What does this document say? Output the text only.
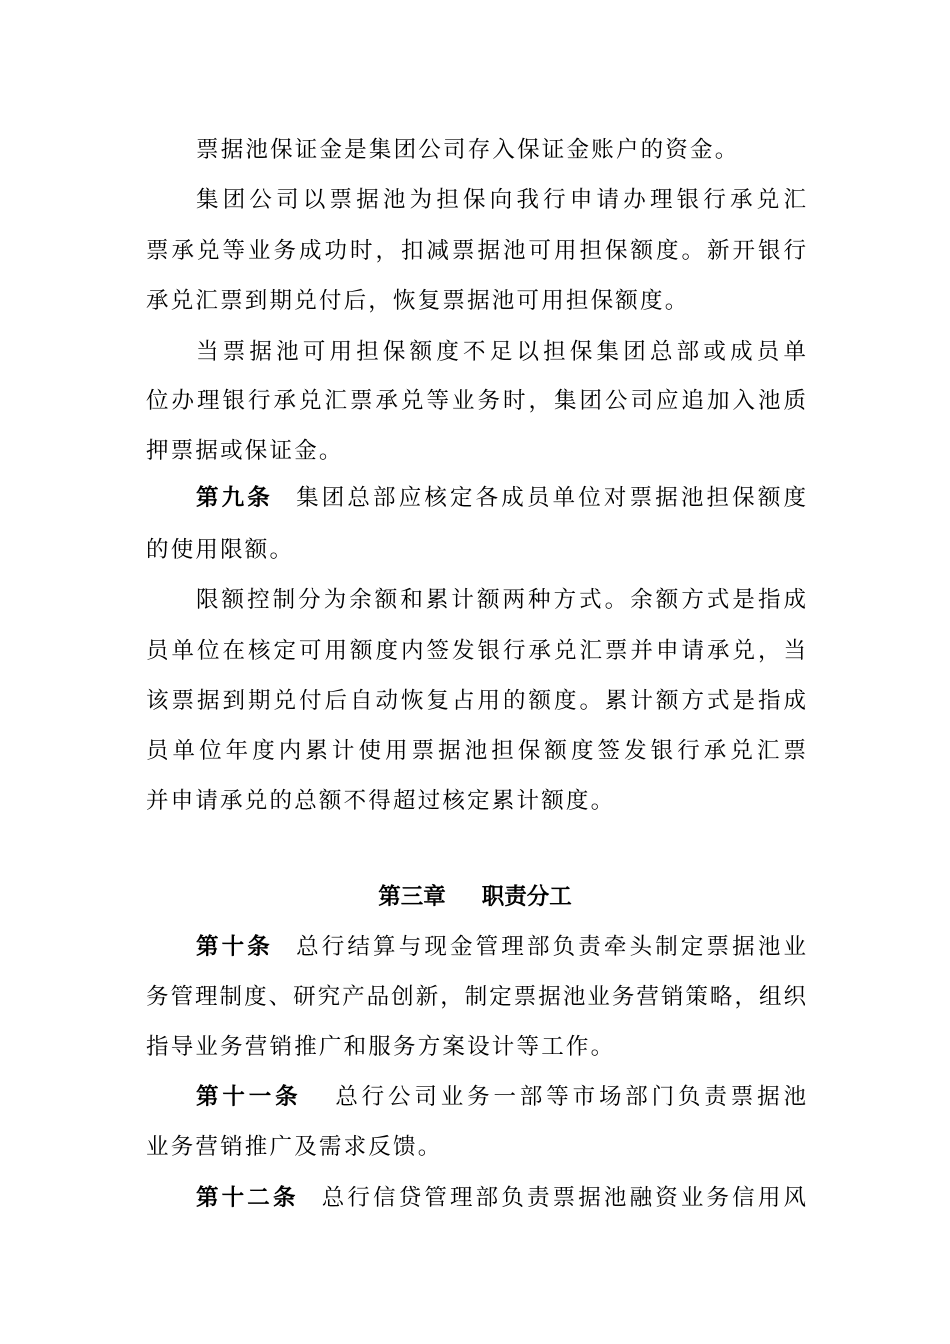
票据池保证金是集团公司存入保证金账户的资金。
集团公司以票据池为担保向我行申请办理银行承兑汇
票承兑等业务成功时，扣减票据池可用担保额度。新开银行
承兑汇票到期兑付后，恢复票据池可用担保额度。
当票据池可用担保额度不足以担保集团总部或成员单
位办理银行承兑汇票承兑等业务时，集团公司应追加入池质
押票据或保证金。
第九条 集团总部应核定各成员单位对票据池担保额度
的使用限额。
限额控制分为余额和累计额两种方式。余额方式是指成
员单位在核定可用额度内签发银行承兑汇票并申请承兑，当
该票据到期兑付后自动恢复占用的额度。累计额方式是指成
员单位年度内累计使用票据池担保额度签发银行承兑汇票
并申请承兑的总额不得超过核定累计额度。
第十条 总行结算与现金管理部负责牵头制定票据池业
务管理制度、研究产品创新，制定票据池业务营销策略，组织
指导业务营销推广和服务方案设计等工作。
第十一条 总行公司业务一部等市场部门负责票据池
业务营销推广及需求反馈。
第十二条 总行信贷管理部负责票据池融资业务信用风
第三章 职责分工
